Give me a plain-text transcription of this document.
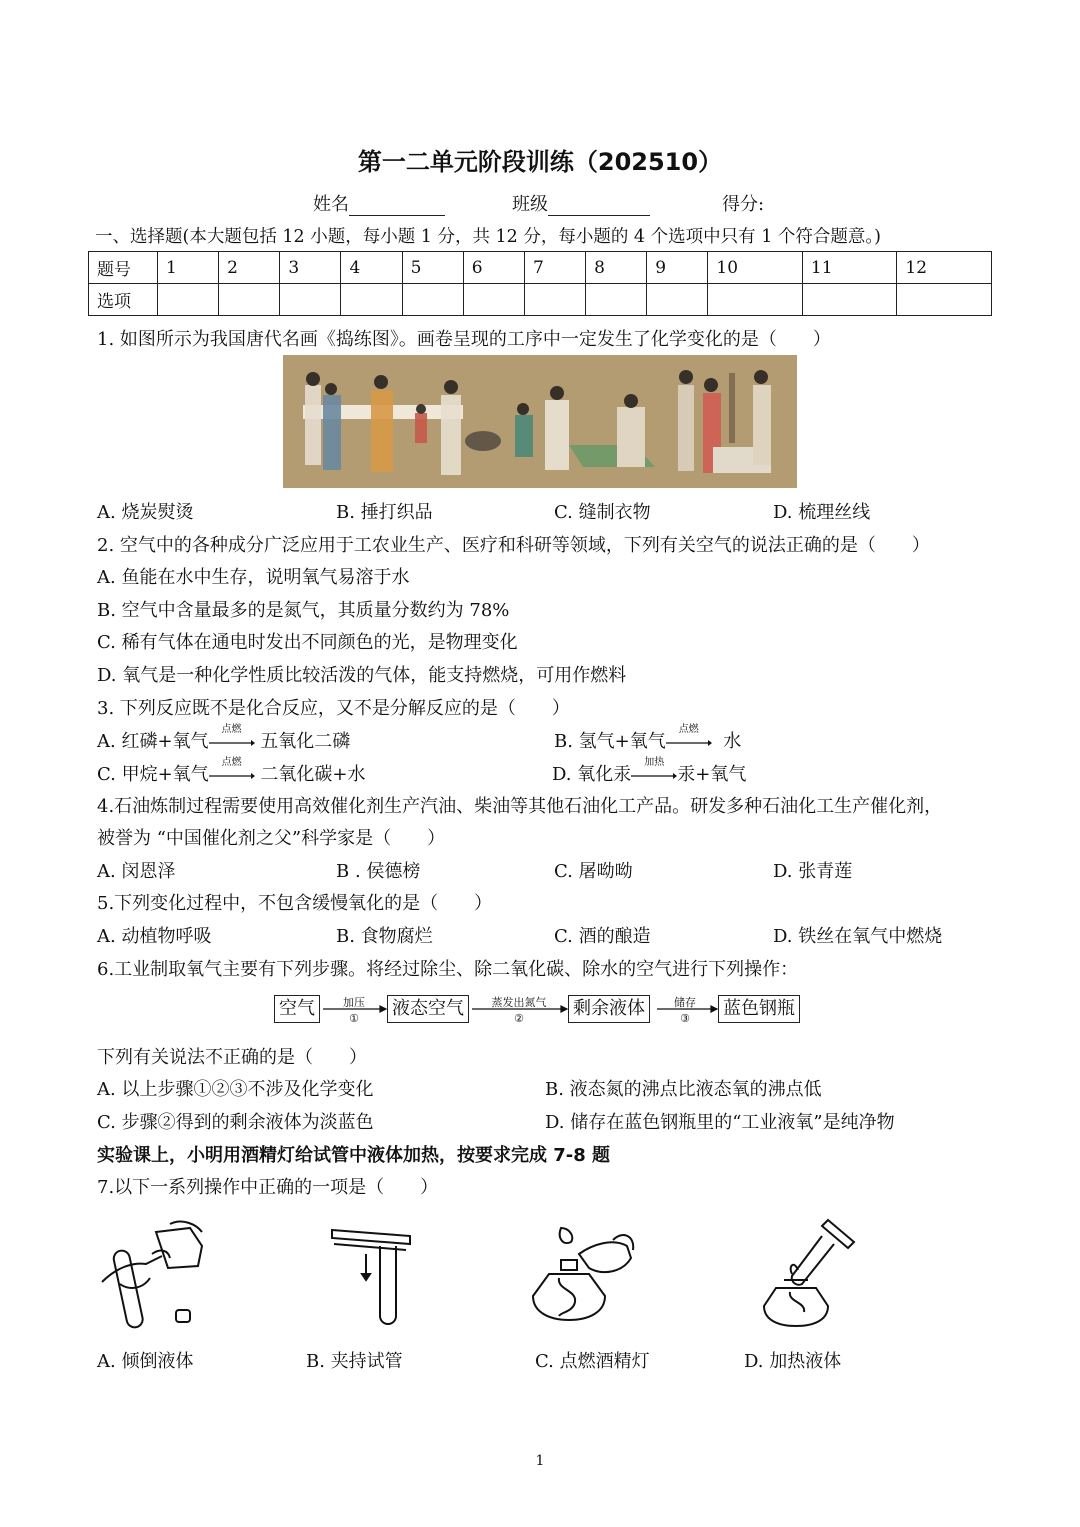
第一二单元阶段训练（202510）
姓名	班级	得分:
一、选择题(本大题包括 12 小题，每小题 1 分，共 12 分，每小题的 4 个选项中只有 1 个符合题意。)
题号	1	2	3	4	5	6	7	8	9	10	11	12
选项												
1. 如图所示为我国唐代名画《捣练图》。画卷呈现的工序中一定发生了化学变化的是（　　）
A. 烧炭熨烫	B. 捶打织品	C. 缝制衣物	D. 梳理丝线
2. 空气中的各种成分广泛应用于工农业生产、医疗和科研等领域，下列有关空气的说法正确的是（　　）
A. 鱼能在水中生存，说明氧气易溶于水
B. 空气中含量最多的是氮气，其质量分数约为 78%
C. 稀有气体在通电时发出不同颜色的光，是物理变化
D. 氧气是一种化学性质比较活泼的气体，能支持燃烧，可用作燃料
3. 下列反应既不是化合反应，又不是分解反应的是（　　）
A. 红磷+氧气
点燃
五氧化二磷	B. 氢气+氧气
点燃
水
C. 甲烷+氧气
点燃
二氧化碳+水	D. 氧化汞
加热
汞+氧气
4.石油炼制过程需要使用高效催化剂生产汽油、柴油等其他石油化工产品。研发多种石油化工生产催化剂，
被誉为 “中国催化剂之父”科学家是（　　）
A. 闵恩泽	B . 侯德榜	C. 屠呦呦	D. 张青莲
5.下列变化过程中，不包含缓慢氧化的是（　　）
A. 动植物呼吸	B. 食物腐烂	C. 酒的酿造	D. 铁丝在氧气中燃烧
6.工业制取氧气主要有下列步骤。将经过除尘、除二氧化碳、除水的空气进行下列操作：
空气	液态空气	剩余液体	蓝色钢瓶
加压
①
蒸发出氮气
②
储存
③
下列有关说法不正确的是（　　）
A. 以上步骤①②③不涉及化学变化	B. 液态氮的沸点比液态氧的沸点低
C. 步骤②得到的剩余液体为淡蓝色	D. 储存在蓝色钢瓶里的“工业液氧”是纯净物
实验课上，小明用酒精灯给试管中液体加热，按要求完成 7-8 题
7.以下一系列操作中正确的一项是（　　）
A. 倾倒液体	B. 夹持试管	C. 点燃酒精灯	D. 加热液体
1
